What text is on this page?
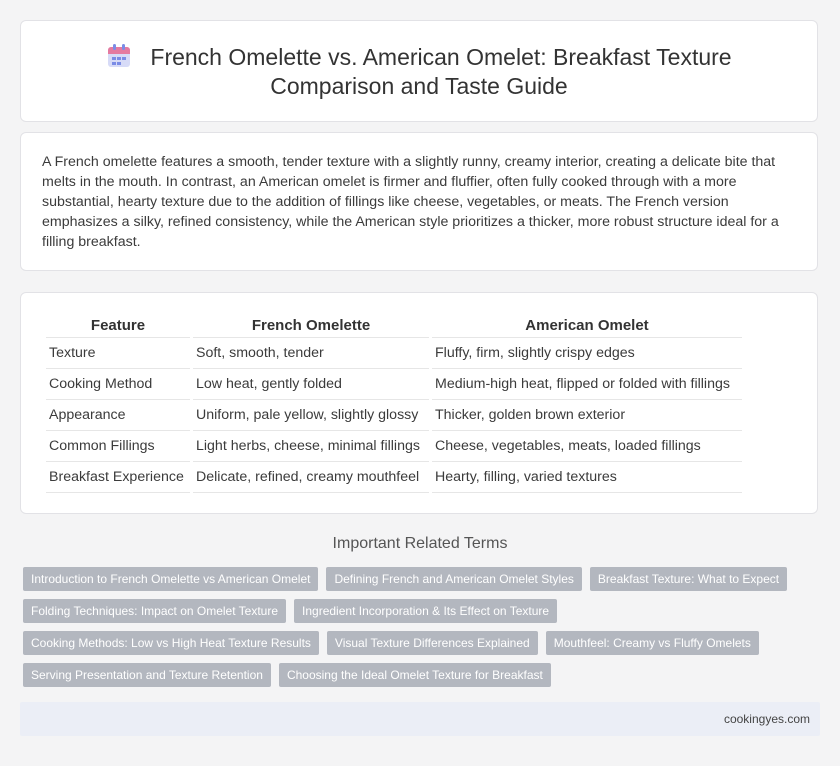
French Omelette vs. American Omelet: Breakfast Texture
Comparison and Taste Guide

A French omelette features a smooth, tender texture with a slightly runny, creamy interior, creating a delicate bite that melts in the mouth. In contrast, an American omelet is firmer and fluffier, often fully cooked through with a more substantial, hearty texture due to the addition of fillings like cheese, vegetables, or meats. The French version emphasizes a silky, refined consistency, while the American style prioritizes a thicker, more robust structure ideal for a filling breakfast.

Feature	French Omelette	American Omelet
Texture	Soft, smooth, tender	Fluffy, firm, slightly crispy edges
Cooking Method	Low heat, gently folded	Medium-high heat, flipped or folded with fillings
Appearance	Uniform, pale yellow, slightly glossy	Thicker, golden brown exterior
Common Fillings	Light herbs, cheese, minimal fillings	Cheese, vegetables, meats, loaded fillings
Breakfast Experience	Delicate, refined, creamy mouthfeel	Hearty, filling, varied textures
Important Related Terms
Introduction to French Omelette vs American Omelet	Defining French and American Omelet Styles	Breakfast Texture: What to Expect
Folding Techniques: Impact on Omelet Texture	Ingredient Incorporation & Its Effect on Texture
Cooking Methods: Low vs High Heat Texture Results	Visual Texture Differences Explained	Mouthfeel: Creamy vs Fluffy Omelets
Serving Presentation and Texture Retention	Choosing the Ideal Omelet Texture for Breakfast
cookingyes.com
